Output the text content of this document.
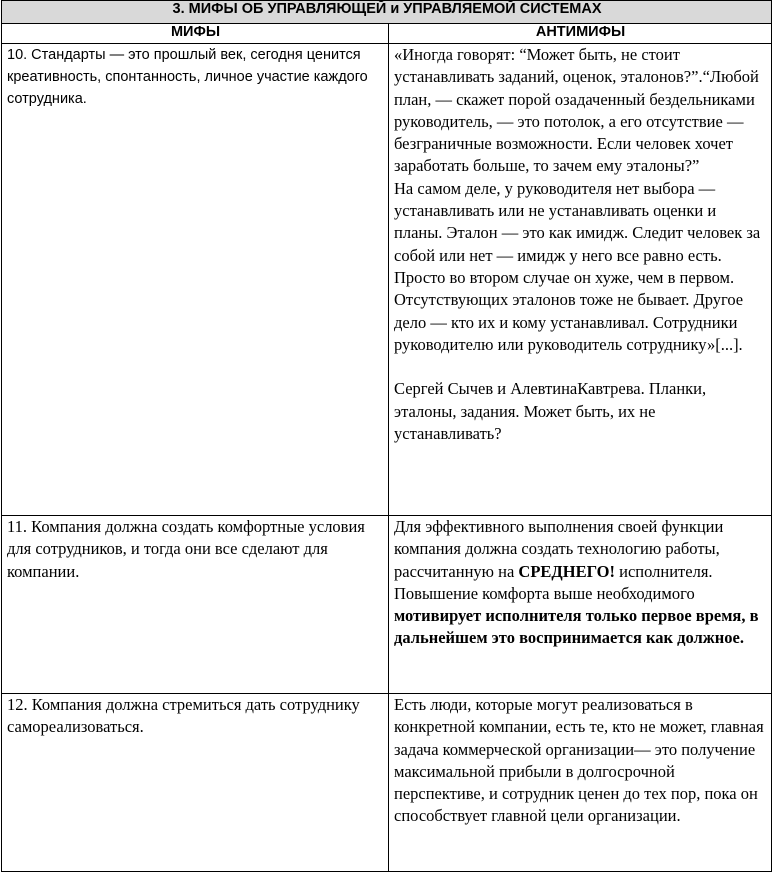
3. МИФЫ ОБ УПРАВЛЯЮЩЕЙ и УПРАВЛЯЕМОЙ СИСТЕМАХ	
МИФЫ	АНТИМИФЫ
10. Стандарты — это прошлый век, сегодня ценится креативность, спонтанность, личное участие каждого сотрудника.	«Иногда говорят: “Может быть, не стоит устанавливать заданий, оценок, эталонов?”.“Любой план, — скажет порой озадаченный бездельниками руководитель, — это потолок, а его отсутствие — безграничные возможности. Если человек хочет заработать больше, то зачем ему эталоны?”
На самом деле, у руководителя нет выбора — устанавливать или не устанавливать оценки и планы. Эталон — это как имидж. Следит человек за собой или нет — имидж у него все равно есть. Просто во втором случае он хуже, чем в первом. Отсутствующих эталонов тоже не бывает. Другое дело — кто их и кому устанавливал. Сотрудники руководителю или руководитель сотруднику»[...].
Сергей Сычев и АлевтинаКавтрева. Планки, эталоны, задания. Может быть, их не устанавливать?

11. Компания должна создать комфортные условия для сотрудников, и тогда они все сделают для компании.	Для эффективного выполнения своей функции компания должна создать технологию работы, рассчитанную на СРЕДНЕГО! исполнителя. Повышение комфорта выше необходимого мотивирует исполнителя только первое время, в дальнейшем это воспринимается как должное.
12. Компания должна стремиться дать сотруднику самореализоваться.	Есть люди, которые могут реализоваться в конкретной компании, есть те, кто не может, главная задача коммерческой организации— это получение максимальной прибыли в долгосрочной перспективе, и сотрудник ценен до тех пор, пока он способствует главной цели организации.
